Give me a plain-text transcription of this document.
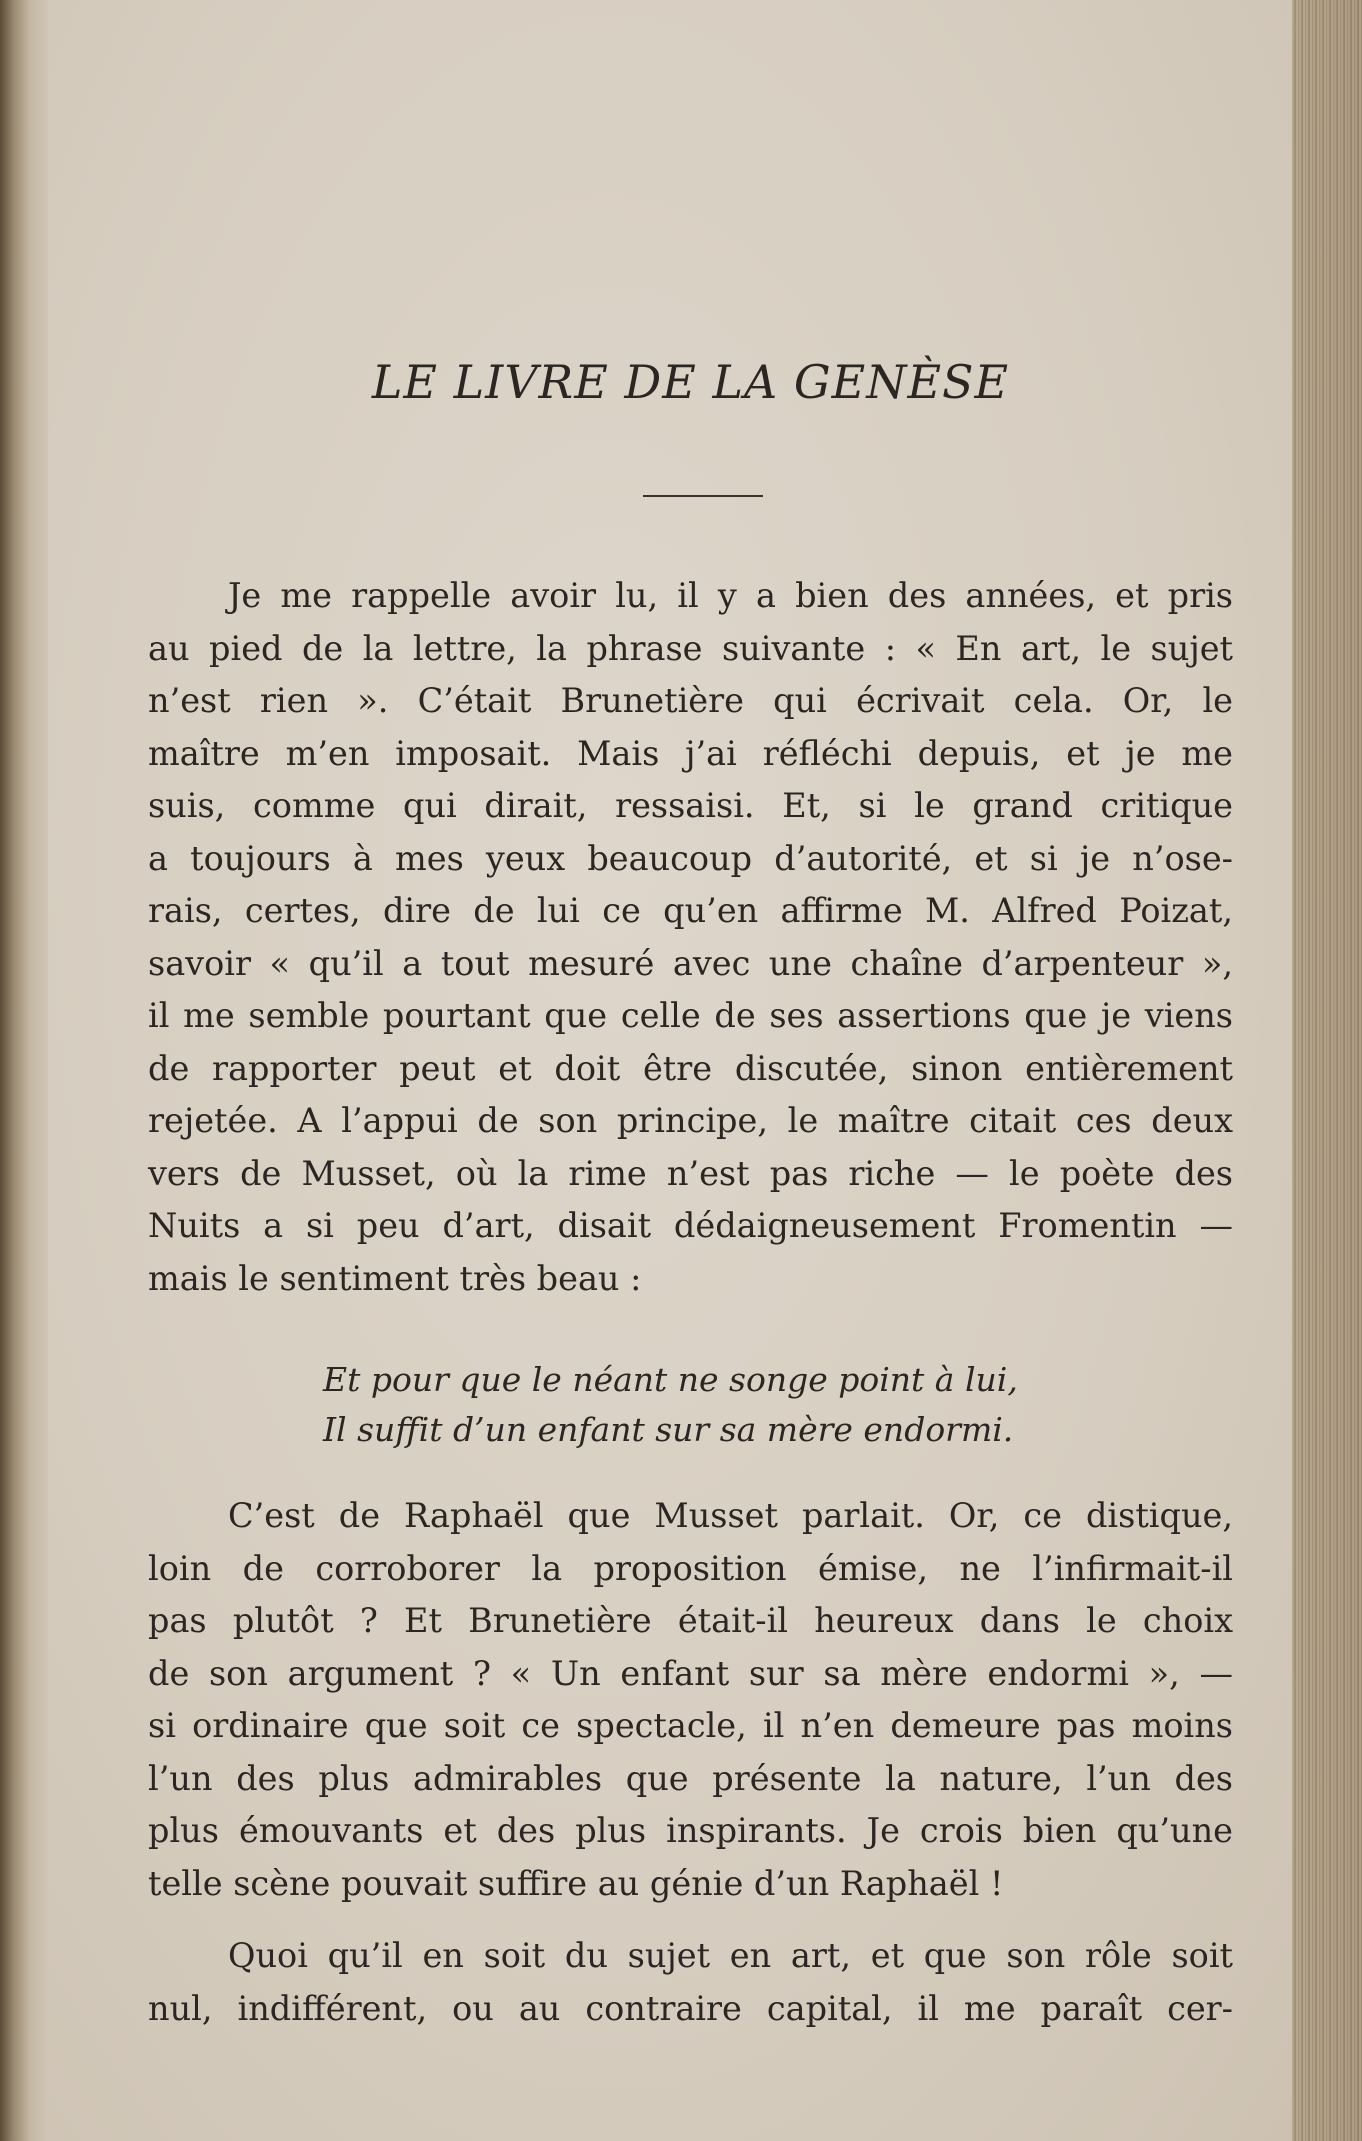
LE LIVRE DE LA GENÈSE
Je me rappelle avoir lu, il y a bien des années, et pris
au pied de la lettre, la phrase suivante : « En art, le sujet
n’est rien ». C’était Brunetière qui écrivait cela. Or, le
maître m’en imposait. Mais j’ai réfléchi depuis, et je me
suis, comme qui dirait, ressaisi. Et, si le grand critique
a toujours à mes yeux beaucoup d’autorité, et si je n’ose-
rais, certes, dire de lui ce qu’en affirme M. Alfred Poizat,
savoir « qu’il a tout mesuré avec une chaîne d’arpenteur »,
il me semble pourtant que celle de ses assertions que je viens
de rapporter peut et doit être discutée, sinon entièrement
rejetée. A l’appui de son principe, le maître citait ces deux
vers de Musset, où la rime n’est pas riche — le poète des
Nuits a si peu d’art, disait dédaigneusement Fromentin —
mais le sentiment très beau :
Et pour que le néant ne songe point à lui,
Il suffit d’un enfant sur sa mère endormi.
C’est de Raphaël que Musset parlait. Or, ce distique,
loin de corroborer la proposition émise, ne l’infirmait-il
pas plutôt ? Et Brunetière était-il heureux dans le choix
de son argument ? « Un enfant sur sa mère endormi », —
si ordinaire que soit ce spectacle, il n’en demeure pas moins
l’un des plus admirables que présente la nature, l’un des
plus émouvants et des plus inspirants. Je crois bien qu’une
telle scène pouvait suffire au génie d’un Raphaël !
Quoi qu’il en soit du sujet en art, et que son rôle soit
nul, indifférent, ou au contraire capital, il me paraît cer-
